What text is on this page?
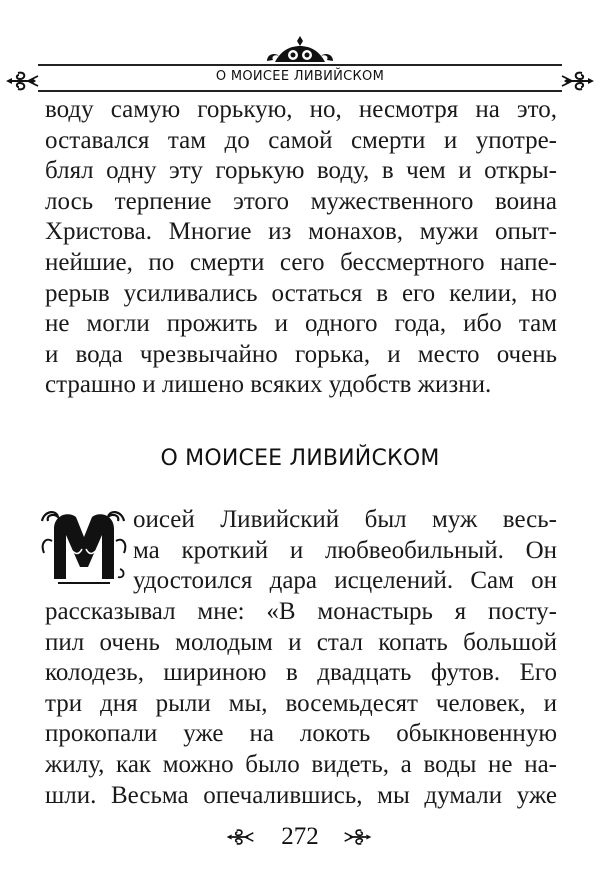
О МОИСЕЕ ЛИВИЙСКОМ
воду самую горькую, но, несмотря на это,
оставался там до самой смерти и употре-
блял одну эту горькую воду, в чем и откры-
лось терпение этого мужественного воина
Христова. Многие из монахов, мужи опыт-
нейшие, по смерти сего бессмертного напе-
рерыв усиливались остаться в его келии, но
не могли прожить и одного года, ибо там
и вода чрезвычайно горька, и место очень
страшно и лишено всяких удобств жизни.
О МОИСЕЕ ЛИВИЙСКОМ
оисей Ливийский был муж весь-
ма кроткий и любвеобильный. Он
удостоился дара исцелений. Сам он
рассказывал мне: «В монастырь я посту-
пил очень молодым и стал копать большой
колодезь, шириною в двадцать футов. Его
три дня рыли мы, восемьдесят человек, и
прокопали уже на локоть обыкновенную
жилу, как можно было видеть, а воды не на-
шли. Весьма опечалившись, мы думали уже
272
